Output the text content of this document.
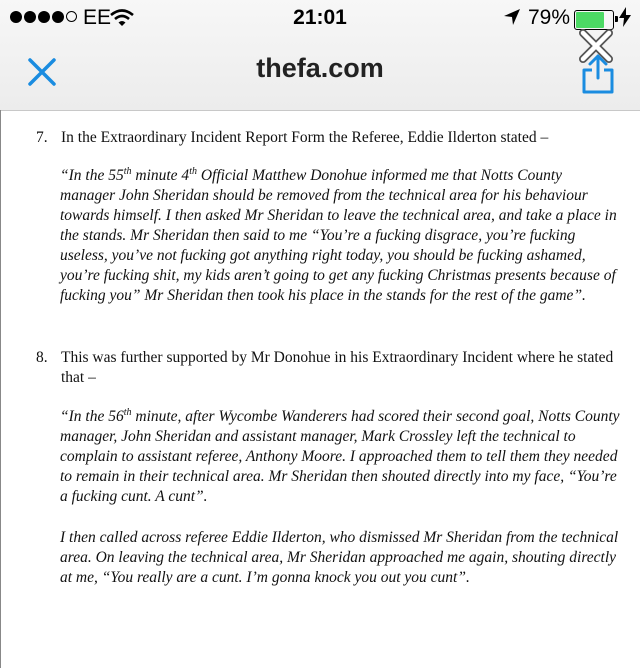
EE	21:01	79%
thefa.com
7. In the Extraordinary Incident Report Form the Referee, Eddie Ilderton stated –
“In the 55th minute 4th Official Matthew Donohue informed me that Notts County manager John Sheridan should be removed from the technical area for his behaviour towards himself. I then asked Mr Sheridan to leave the technical area, and take a place in the stands. Mr Sheridan then said to me “You’re a fucking disgrace, you’re fucking useless, you’ve not fucking got anything right today, you should be fucking ashamed, you’re fucking shit, my kids aren’t going to get any fucking Christmas presents because of fucking you” Mr Sheridan then took his place in the stands for the rest of the game”.
8. This was further supported by Mr Donohue in his Extraordinary Incident where he stated that –
“In the 56th minute, after Wycombe Wanderers had scored their second goal, Notts County manager, John Sheridan and assistant manager, Mark Crossley left the technical to complain to assistant referee, Anthony Moore. I approached them to tell them they needed to remain in their technical area. Mr Sheridan then shouted directly into my face, “You’re a fucking cunt. A cunt”.
I then called across referee Eddie Ilderton, who dismissed Mr Sheridan from the technical area. On leaving the technical area, Mr Sheridan approached me again, shouting directly at me, “You really are a cunt. I’m gonna knock you out you cunt”.
